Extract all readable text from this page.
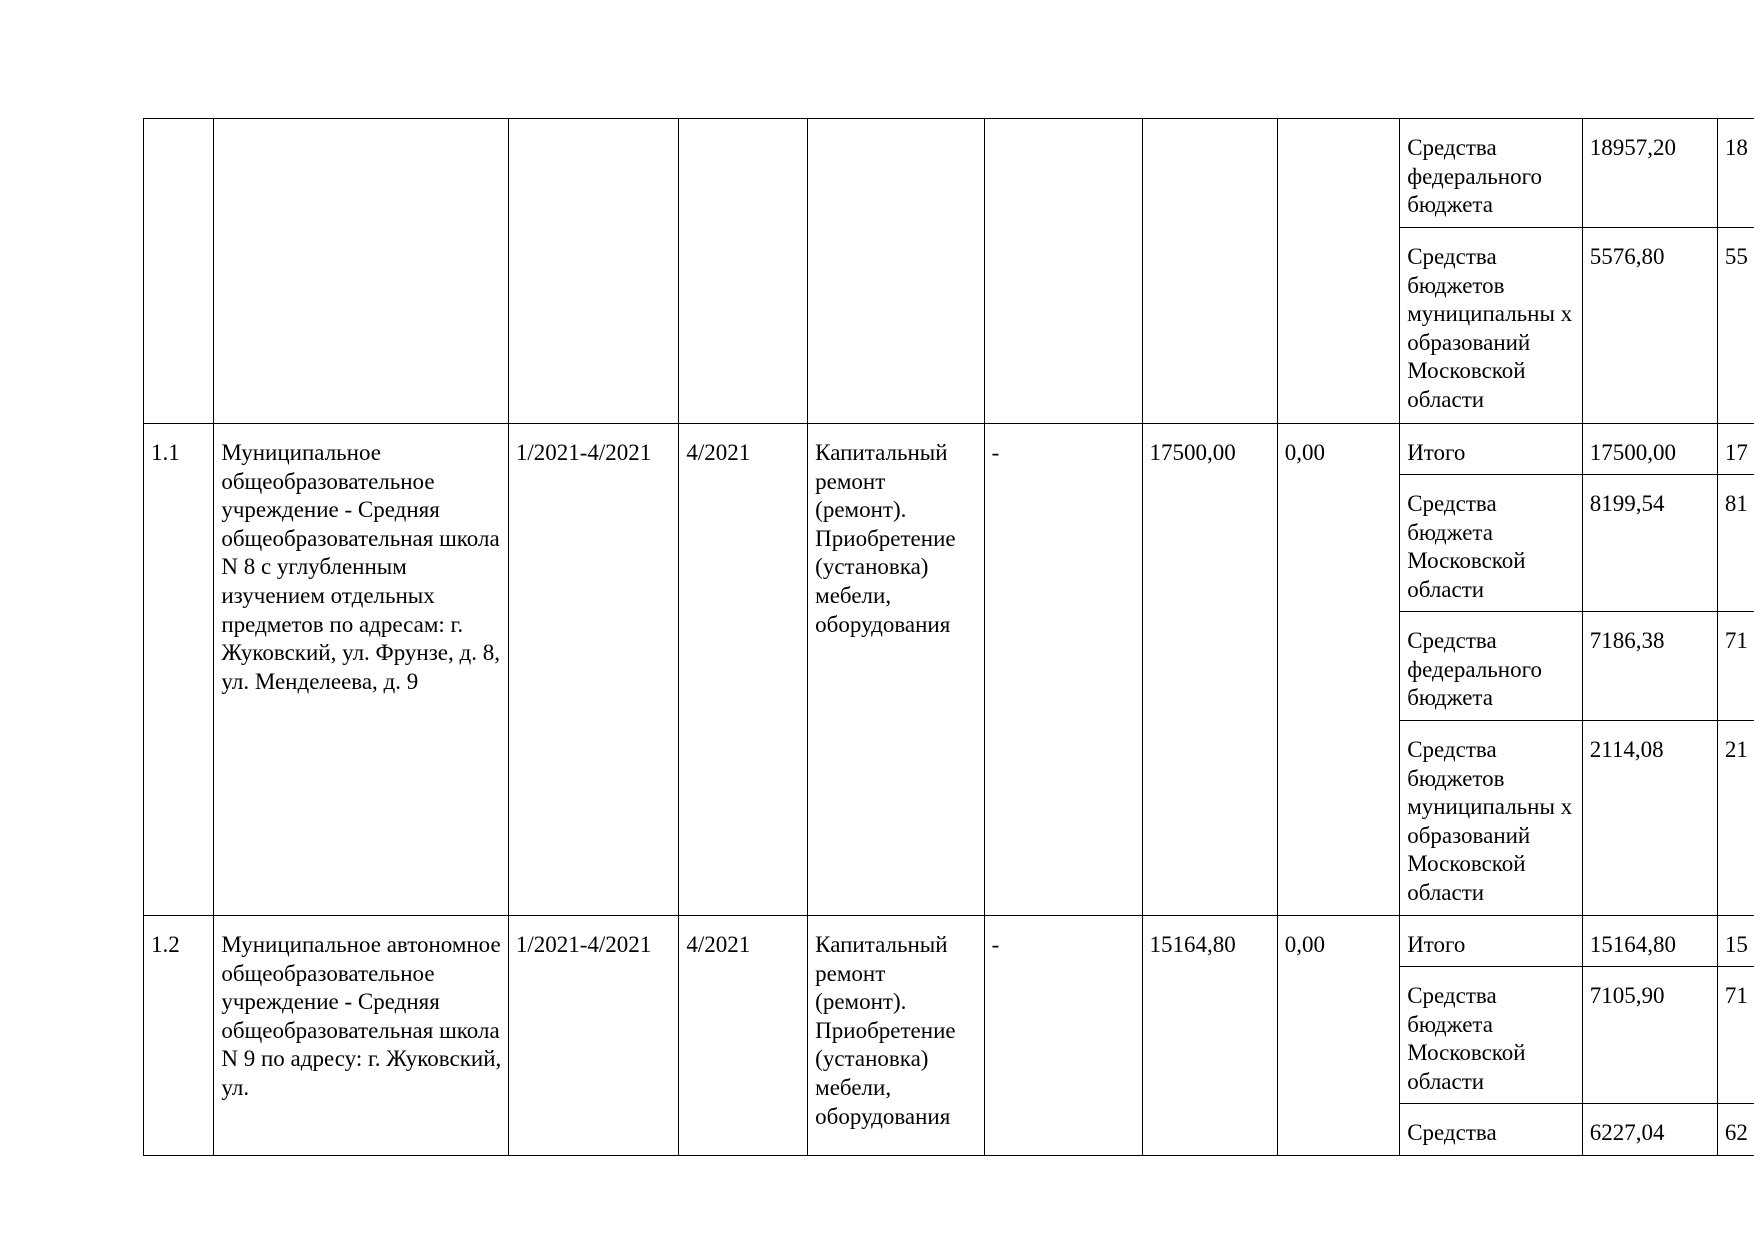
								Средства федерального бюджета	18957,20	18

								Средства бюджетов муниципальны х образований Московской области	5576,80	55

1.1	Муниципальное общеобразовательное учреждение - Средняя общеобразовательная школа N 8 с углубленным изучением отдельных предметов по адресам: г. Жуковский, ул. Фрунзе, д. 8, ул. Менделеева, д. 9	1/2021-4/2021	4/2021	Капитальный ремонт (ремонт). Приобретение (установка) мебели, оборудования	-	17500,00	0,00	Итого	17500,00	17

								Средства бюджета Московской области	8199,54	81

								Средства федерального бюджета	7186,38	71

								Средства бюджетов муниципальны х образований Московской области	2114,08	21

1.2	Муниципальное автономное общеобразовательное учреждение - Средняя общеобразовательная школа N 9 по адресу: г. Жуковский, ул.	1/2021-4/2021	4/2021	Капитальный ремонт (ремонт). Приобретение (установка) мебели, оборудования	-	15164,80	0,00	Итого	15164,80	15

								Средства бюджета Московской области	7105,90	71

								Средства	6227,04	62
